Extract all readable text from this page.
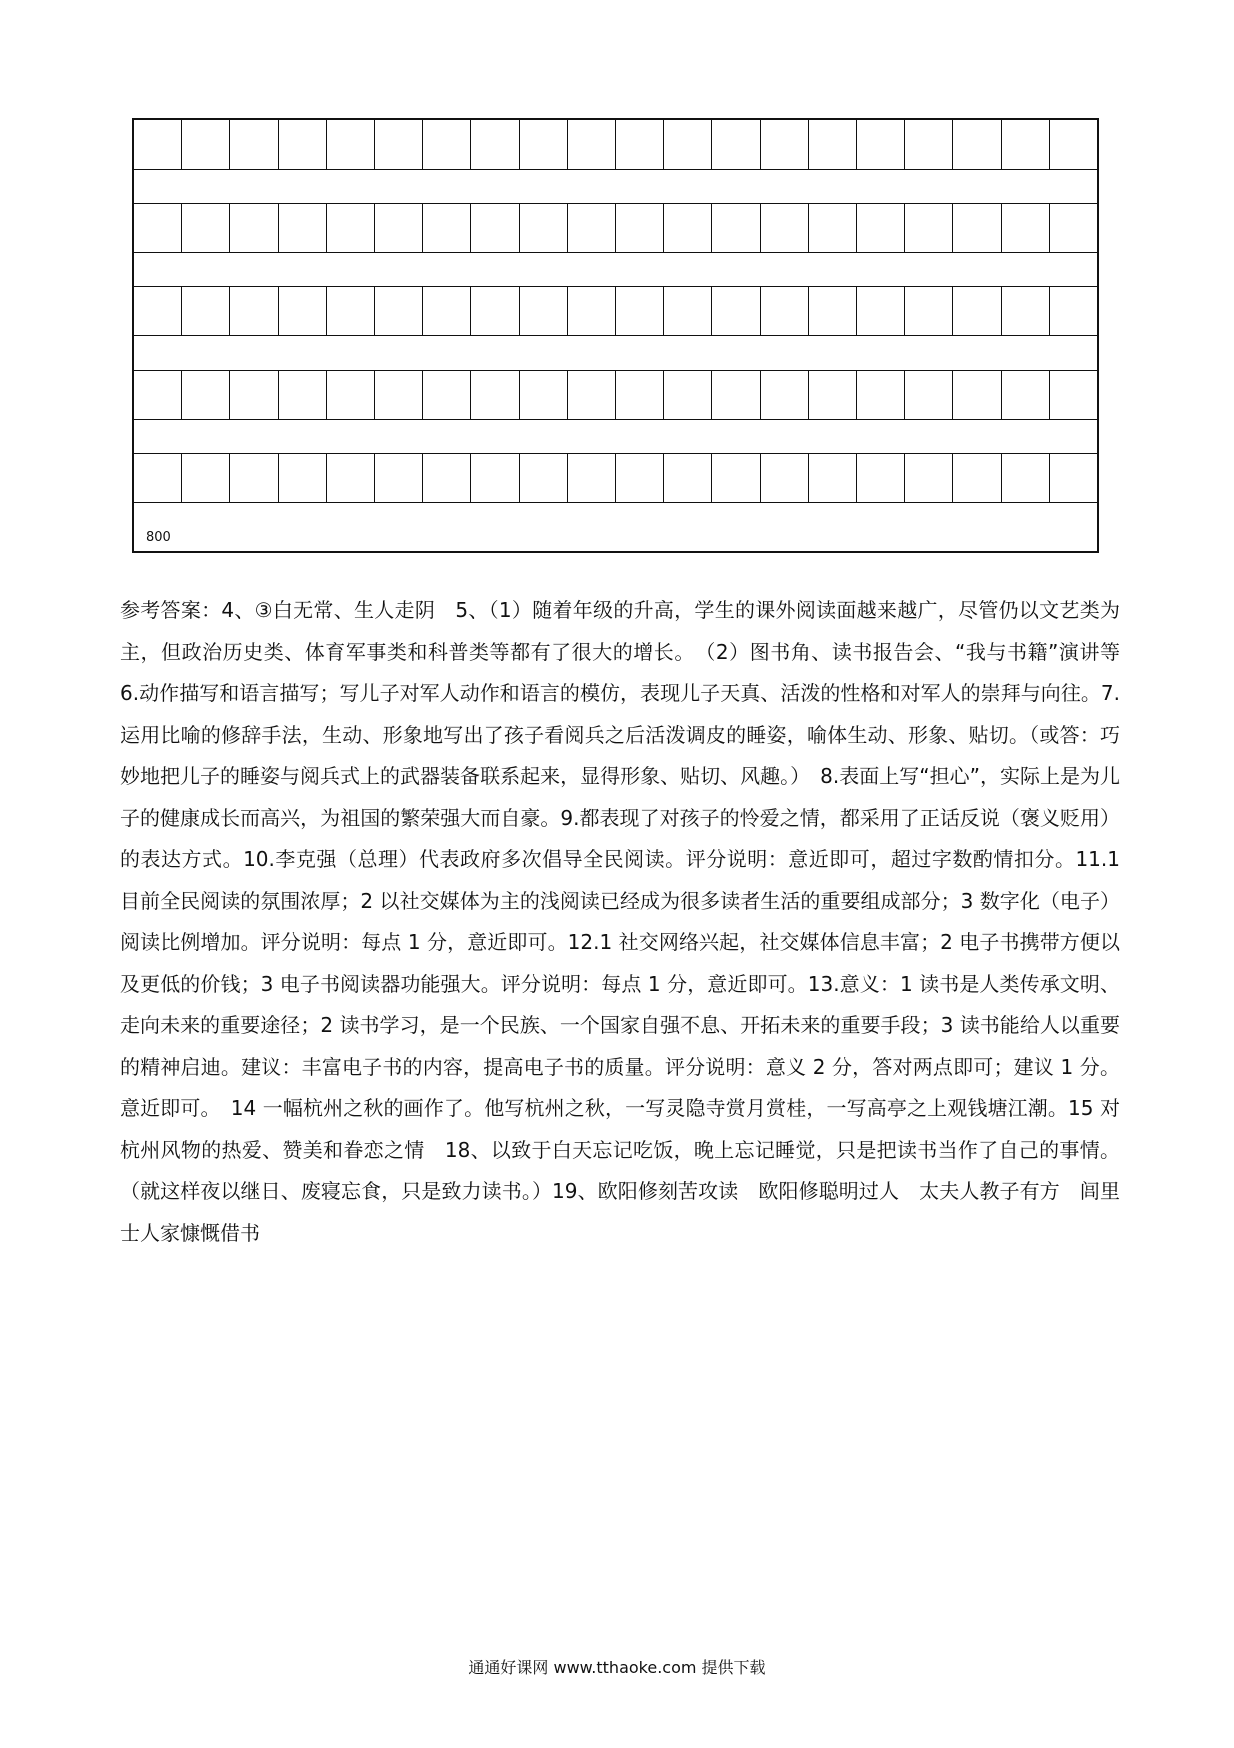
800
参考答案：4、③白无常、生人走阴　5、（1）随着年级的升高，学生的课外阅读面越来越广，尽管仍以文艺类为主，但政治历史类、体育军事类和科普类等都有了很大的增长。　（2）图书角、读书报告会、“我与书籍”演讲等　6.动作描写和语言描写；写儿子对军人动作和语言的模仿，表现儿子天真、活泼的性格和对军人的崇拜与向往。7.运用比喻的修辞手法，生动、形象地写出了孩子看阅兵之后活泼调皮的睡姿，喻体生动、形象、贴切。（或答：巧妙地把儿子的睡姿与阅兵式上的武器装备联系起来，显得形象、贴切、风趣。）　8.表面上写“担心”，实际上是为儿子的健康成长而高兴，为祖国的繁荣强大而自豪。9.都表现了对孩子的怜爱之情，都采用了正话反说（褒义贬用）的表达方式。10.李克强（总理）代表政府多次倡导全民阅读。评分说明：意近即可，超过字数酌情扣分。11.1 目前全民阅读的氛围浓厚；2 以社交媒体为主的浅阅读已经成为很多读者生活的重要组成部分；3 数字化（电子）阅读比例增加。评分说明：每点 1 分，意近即可。12.1 社交网络兴起，社交媒体信息丰富；2 电子书携带方便以及更低的价钱；3 电子书阅读器功能强大。评分说明：每点 1 分，意近即可。13.意义：1 读书是人类传承文明、走向未来的重要途径；2 读书学习，是一个民族、一个国家自强不息、开拓未来的重要手段；3 读书能给人以重要的精神启迪。建议：丰富电子书的内容，提高电子书的质量。评分说明：意义 2 分，答对两点即可；建议 1 分。意近即可。　14 一幅杭州之秋的画作了。他写杭州之秋，一写灵隐寺赏月赏桂，一写高亭之上观钱塘江潮。15 对杭州风物的热爱、赞美和眷恋之情　18、以致于白天忘记吃饭，晚上忘记睡觉，只是把读书当作了自己的事情。（就这样夜以继日、废寝忘食，只是致力读书。）19、欧阳修刻苦攻读　欧阳修聪明过人　太夫人教子有方　闾里士人家慷慨借书
通通好课网 www.tthaoke.com 提供下载
